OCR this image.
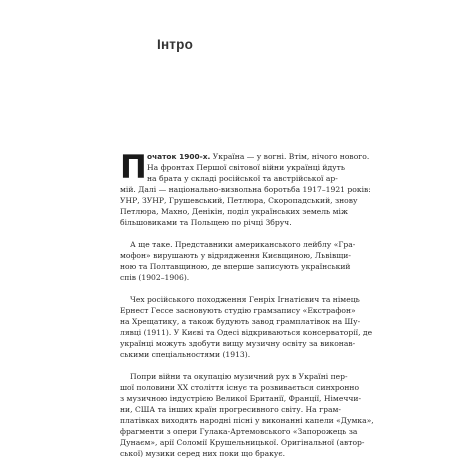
Інтро
П очаток 1900-х. Україна — у вогні. Втім, нічого нового.
На фронтах Першої світової війни українці йдуть
на брата у складі російської та австрійської ар-
мій. Далі — національно-визвольна боротьба 1917–1921 років:
УНР, ЗУНР, Грушевський, Петлюра, Скоропадський, знову
Петлюра, Махно, Денікін, поділ українських земель між
більшовиками та Польщею по річці Збруч.
А ще таке. Представники американського лейблу «Гра-
мофон» вирушають у відрядження Києвщиною, Львівщи-
ною та Полтавщиною, де вперше записують український
спів (1902–1906).
Чех російського походження Генріх Ігнатієвич та німець
Ернест Гессе засновують студію грамзапису «Екстрафон»
на Хрещатику, а також будують завод грамплатівок на Шу-
лявці (1911). У Києві та Одесі відкриваються консерваторії, де
українці можуть здобути вищу музичну освіту за виконав-
ськими спеціальностями (1913).
Попри війни та окупацію музичний рух в Україні пер-
шої половини XX століття існує та розвивається синхронно
з музичною індустрією Великої Британії, Франції, Німеччи-
ни, США та інших країн прогресивного світу. На грам-
платівках виходять народні пісні у виконанні капели «Думка»,
фрагменти з опери Гулака-Артемовського «Запорожець за
Дунаєм», арії Соломії Крушельницької. Оригінальної (автор-
ської) музики серед них поки що бракує.
